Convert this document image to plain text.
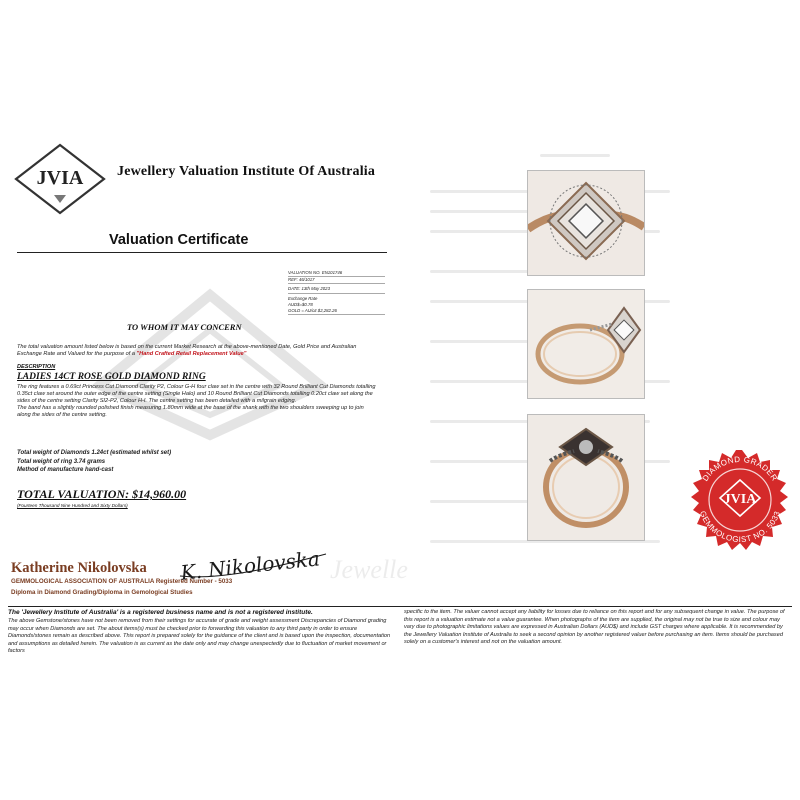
JVIA Jewellery Valuation Institute Of Australia
Valuation Certificate
VALUATION NO. EN101746
REF: 46/1017
DATE: 13th May 2023
Exchange Rate
AUD$=$0.78
GOLD = AU/oz $2,282.26
TO WHOM IT MAY CONCERN
The total valuation amount listed below is based on the current Market Research at the above-mentioned Date, Gold Price and Australian Exchange Rate and Valued for the purpose of a "Hand Crafted Retail Replacement Value"
DESCRIPTION
LADIES 14CT ROSE GOLD DIAMOND RING
The ring features a 0.69ct Princess Cut Diamond Clarity P2, Colour G-H four claw set in the centre with 32 Round Brilliant Cut Diamonds totalling 0.35ct claw set around the outer edge of the centre setting (Single Halo) and 10 Round Brilliant Cut Diamonds totalling 0.20ct claw set along the sides of the centre setting Clarity SI2-P2, Colour H-I. The centre setting has been detailed with a milgrain edging.
The band has a slightly rounded polished finish measuring 1.80mm wide at the base of the shank with the two shoulders sweeping up to join along the sides of the centre setting.
Total weight of Diamonds 1.24ct (estimated whilst set)
Total weight of ring 3.74 grams
Method of manufacture hand-cast
TOTAL VALUATION: $14,960.00
(Fourteen Thousand Nine Hundred and Sixty Dollars)
Jewelle
Katherine Nikolovska K. Nikolovska
GEMMOLOGICAL ASSOCIATION OF AUSTRALIA Registered Number - 5033
Diploma in Diamond Grading/Diploma in Gemological Studies
The 'Jewellery Institute of Australia' is a registered business name and is not a registered institute.
The above Gemstone/stones have not been removed from their settings for accurate of grade and weight assessment Discrepancies of Diamond grading may occur when Diamonds are set. The about items(s) must be checked prior to forwarding this valuation to any third party in order to ensure Diamonds/stones remain as described above. This report is prepared solely for the guidance of the client and is based upon the inspection, documentation and assumptions as detailed herein. The valuation is as current as the date only and may change unexpectedly due to fluctuation of market movement or factors
specific to the item. The valuer cannot accept any liability for losses due to reliance on this report and for any subsequent change in value. The purpose of this report is a valuation estimate not a value guarantee. When photographs of the item are supplied, the original may not be true to size and colour may vary due to photographic limitations values are expressed in Australian Dollars (AUD$) and include GST charges where applicable. It is recommended by the Jewellery Valuation Institute of Australia to seek a second opinion by another registered valuer before purchasing an item. Items should be purchased solely on a customer's interest and not on the valuation amount.
DIAMOND GRADER
GEMMOLOGIST NO. 5033
JVIA
